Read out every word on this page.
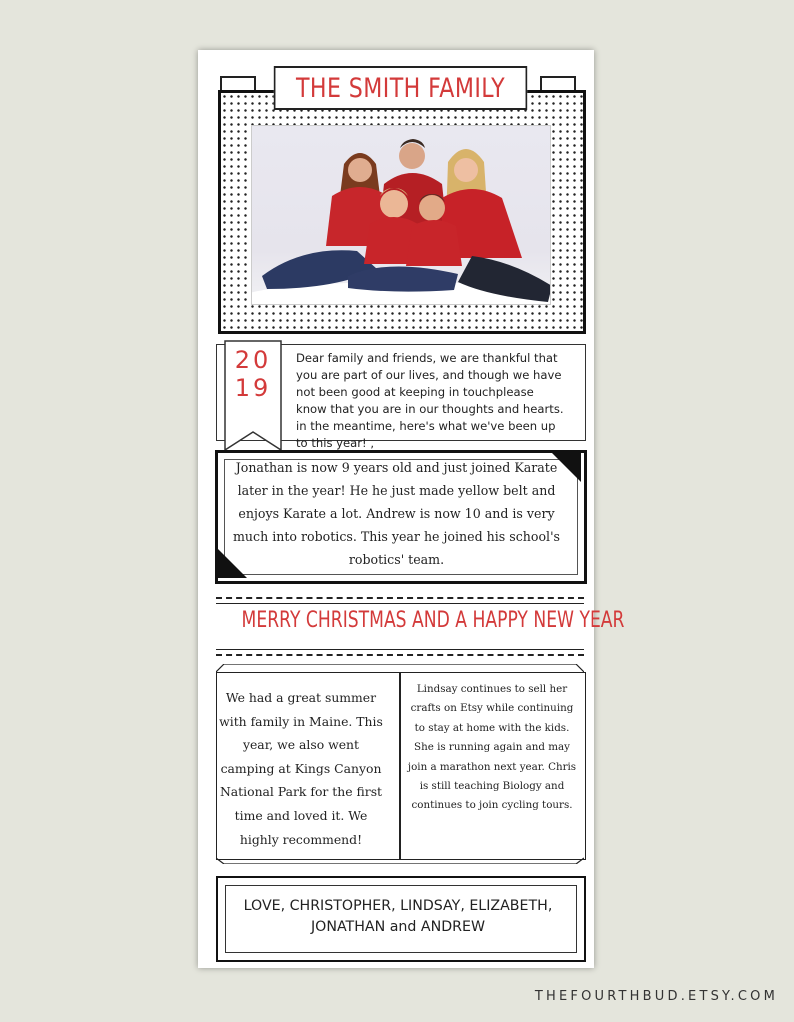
THE SMITH FAMILY
20
19
Dear family and friends, we are thankful that you are part of our lives, and though we have not been good at keeping in touchplease know that you are in our thoughts and hearts. in the meantime, here's what we've been up to this year! ,
Jonathan is now 9 years old and just joined Karate later in the year! He he just made yellow belt and enjoys Karate a lot. Andrew is now 10 and is very much into robotics. This year he joined his school's robotics' team.
MERRY CHRISTMAS AND A HAPPY NEW YEAR
We had a great summer with family in Maine. This year, we also went camping at Kings Canyon National Park for the first time and loved it. We highly recommend!
Lindsay continues to sell her crafts on Etsy while continuing to stay at home with the kids. She is running again and may join a marathon next year. Chris is still teaching Biology and continues to join cycling tours.
LOVE, CHRISTOPHER, LINDSAY, ELIZABETH, JONATHAN and ANDREW
THEFOURTHBUD.ETSY.COM
